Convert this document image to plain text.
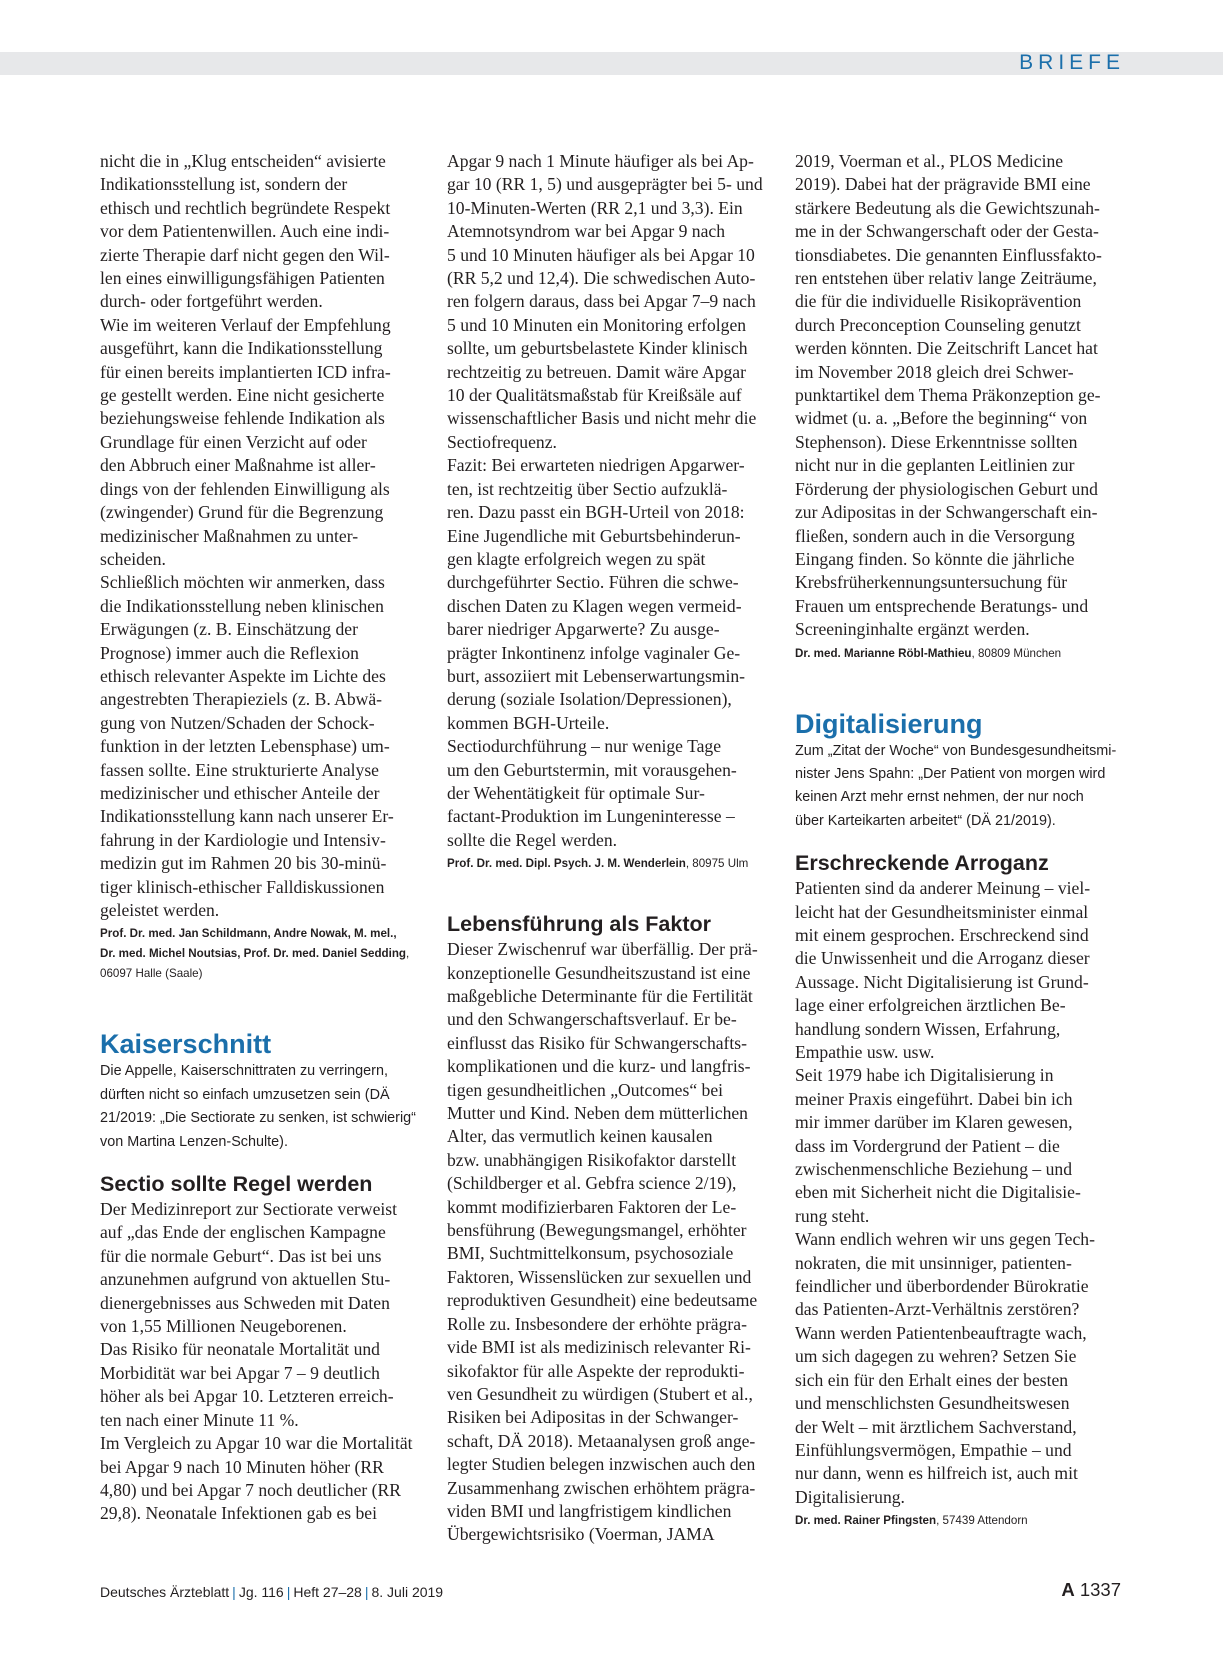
BRIEFE
nicht die in „Klug entscheiden“ avisierte
Indikationsstellung ist, sondern der
ethisch und rechtlich begründete Respekt
vor dem Patientenwillen. Auch eine indi-
zierte Therapie darf nicht gegen den Wil-
len eines einwilligungsfähigen Patienten
durch- oder fortgeführt werden.
Wie im weiteren Verlauf der Empfehlung
ausgeführt, kann die Indikationsstellung
für einen bereits implantierten ICD infra-
ge gestellt werden. Eine nicht gesicherte
beziehungsweise fehlende Indikation als
Grundlage für einen Verzicht auf oder
den Abbruch einer Maßnahme ist aller-
dings von der fehlenden Einwilligung als
(zwingender) Grund für die Begrenzung
medizinischer Maßnahmen zu unter-
scheiden.
Schließlich möchten wir anmerken, dass
die Indikationsstellung neben klinischen
Erwägungen (z. B. Einschätzung der
Prognose) immer auch die Reflexion
ethisch relevanter Aspekte im Lichte des
angestrebten Therapieziels (z. B. Abwä-
gung von Nutzen/Schaden der Schock-
funktion in der letzten Lebensphase) um-
fassen sollte. Eine strukturierte Analyse
medizinischer und ethischer Anteile der
Indikationsstellung kann nach unserer Er-
fahrung in der Kardiologie und Intensiv-
medizin gut im Rahmen 20 bis 30-minü-
tiger klinisch-ethischer Falldiskussionen
geleistet werden.
Prof. Dr. med. Jan Schildmann, Andre Nowak, M. mel.,
Dr. med. Michel Noutsias, Prof. Dr. med. Daniel Sedding,
06097 Halle (Saale)
Kaiserschnitt
Die Appelle, Kaiserschnittraten zu verringern,
dürften nicht so einfach umzusetzen sein (DÄ
21/2019: „Die Sectiorate zu senken, ist schwierig“
von Martina Lenzen-Schulte).
Sectio sollte Regel werden
Der Medizinreport zur Sectiorate verweist
auf „das Ende der englischen Kampagne
für die normale Geburt“. Das ist bei uns
anzunehmen aufgrund von aktuellen Stu-
dienergebnisses aus Schweden mit Daten
von 1,55 Millionen Neugeborenen.
Das Risiko für neonatale Mortalität und
Morbidität war bei Apgar 7 – 9 deutlich
höher als bei Apgar 10. Letzteren erreich-
ten nach einer Minute 11 %.
Im Vergleich zu Apgar 10 war die Mortalität
bei Apgar 9 nach 10 Minuten höher (RR
4,80) und bei Apgar 7 noch deutlicher (RR
29,8). Neonatale Infektionen gab es bei
Apgar 9 nach 1 Minute häufiger als bei Ap-
gar 10 (RR 1, 5) und ausgeprägter bei 5- und
10-Minuten-Werten (RR 2,1 und 3,3). Ein
Atemnotsyndrom war bei Apgar 9 nach
5 und 10 Minuten häufiger als bei Apgar 10
(RR 5,2 und 12,4). Die schwedischen Auto-
ren folgern daraus, dass bei Apgar 7–9 nach
5 und 10 Minuten ein Monitoring erfolgen
sollte, um geburtsbelastete Kinder klinisch
rechtzeitig zu betreuen. Damit wäre Apgar
10 der Qualitätsmaßstab für Kreißsäle auf
wissenschaftlicher Basis und nicht mehr die
Sectiofrequenz.
Fazit: Bei erwarteten niedrigen Apgarwer-
ten, ist rechtzeitig über Sectio aufzuklä-
ren. Dazu passt ein BGH-Urteil von 2018:
Eine Jugendliche mit Geburtsbehinderun-
gen klagte erfolgreich wegen zu spät
durchgeführter Sectio. Führen die schwe-
dischen Daten zu Klagen wegen vermeid-
barer niedriger Apgarwerte? Zu ausge-
prägter Inkontinenz infolge vaginaler Ge-
burt, assoziiert mit Lebenserwartungsmin-
derung (soziale Isolation/Depressionen),
kommen BGH-Urteile.
Sectiodurchführung – nur wenige Tage
um den Geburtstermin, mit vorausgehen-
der Wehentätigkeit für optimale Sur-
factant-Produktion im Lungeninteresse –
sollte die Regel werden.
Prof. Dr. med. Dipl. Psych. J. M. Wenderlein, 80975 Ulm
Lebensführung als Faktor
Dieser Zwischenruf war überfällig. Der prä-
konzeptionelle Gesundheitszustand ist eine
maßgebliche Determinante für die Fertilität
und den Schwangerschaftsverlauf. Er be-
einflusst das Risiko für Schwangerschafts-
komplikationen und die kurz- und langfris-
tigen gesundheitlichen „Outcomes“ bei
Mutter und Kind. Neben dem mütterlichen
Alter, das vermutlich keinen kausalen
bzw. unabhängigen Risikofaktor darstellt
(Schildberger et al. Gebfra science 2/19),
kommt modifizierbaren Faktoren der Le-
bensführung (Bewegungsmangel, erhöhter
BMI, Suchtmittelkonsum, psychosoziale
Faktoren, Wissenslücken zur sexuellen und
reproduktiven Gesundheit) eine bedeutsame
Rolle zu. Insbesondere der erhöhte prägra-
vide BMI ist als medizinisch relevanter Ri-
sikofaktor für alle Aspekte der reprodukti-
ven Gesundheit zu würdigen (Stubert et al.,
Risiken bei Adipositas in der Schwanger-
schaft, DÄ 2018). Metaanalysen groß ange-
legter Studien belegen inzwischen auch den
Zusammenhang zwischen erhöhtem prägra-
viden BMI und langfristigem kindlichen
Übergewichtsrisiko (Voerman, JAMA
2019, Voerman et al., PLOS Medicine
2019). Dabei hat der prägravide BMI eine
stärkere Bedeutung als die Gewichtszunah-
me in der Schwangerschaft oder der Gesta-
tionsdiabetes. Die genannten Einflussfakto-
ren entstehen über relativ lange Zeiträume,
die für die individuelle Risikoprävention
durch Preconception Counseling genutzt
werden könnten. Die Zeitschrift Lancet hat
im November 2018 gleich drei Schwer-
punktartikel dem Thema Präkonzeption ge-
widmet (u. a. „Before the beginning“ von
Stephenson). Diese Erkenntnisse sollten
nicht nur in die geplanten Leitlinien zur
Förderung der physiologischen Geburt und
zur Adipositas in der Schwangerschaft ein-
fließen, sondern auch in die Versorgung
Eingang finden. So könnte die jährliche
Krebsfrüherkennungsuntersuchung für
Frauen um entsprechende Beratungs- und
Screeninginhalte ergänzt werden.
Dr. med. Marianne Röbl-Mathieu, 80809 München
Digitalisierung
Zum „Zitat der Woche“ von Bundesgesundheitsmi-
nister Jens Spahn: „Der Patient von morgen wird
keinen Arzt mehr ernst nehmen, der nur noch
über Karteikarten arbeitet“ (DÄ 21/2019).
Erschreckende Arroganz
Patienten sind da anderer Meinung – viel-
leicht hat der Gesundheitsminister einmal
mit einem gesprochen. Erschreckend sind
die Unwissenheit und die Arroganz dieser
Aussage. Nicht Digitalisierung ist Grund-
lage einer erfolgreichen ärztlichen Be-
handlung sondern Wissen, Erfahrung,
Empathie usw. usw.
Seit 1979 habe ich Digitalisierung in
meiner Praxis eingeführt. Dabei bin ich
mir immer darüber im Klaren gewesen,
dass im Vordergrund der Patient – die
zwischenmenschliche Beziehung – und
eben mit Sicherheit nicht die Digitalisie-
rung steht.
Wann endlich wehren wir uns gegen Tech-
nokraten, die mit unsinniger, patienten-
feindlicher und überbordender Bürokratie
das Patienten-Arzt-Verhältnis zerstören?
Wann werden Patientenbeauftragte wach,
um sich dagegen zu wehren? Setzen Sie
sich ein für den Erhalt eines der besten
und menschlichsten Gesundheitswesen
der Welt – mit ärztlichem Sachverstand,
Einfühlungsvermögen, Empathie – und
nur dann, wenn es hilfreich ist, auch mit
Digitalisierung.
Dr. med. Rainer Pfingsten, 57439 Attendorn
Deutsches Ärzteblatt | Jg. 116 | Heft 27–28 | 8. Juli 2019	A 1337
